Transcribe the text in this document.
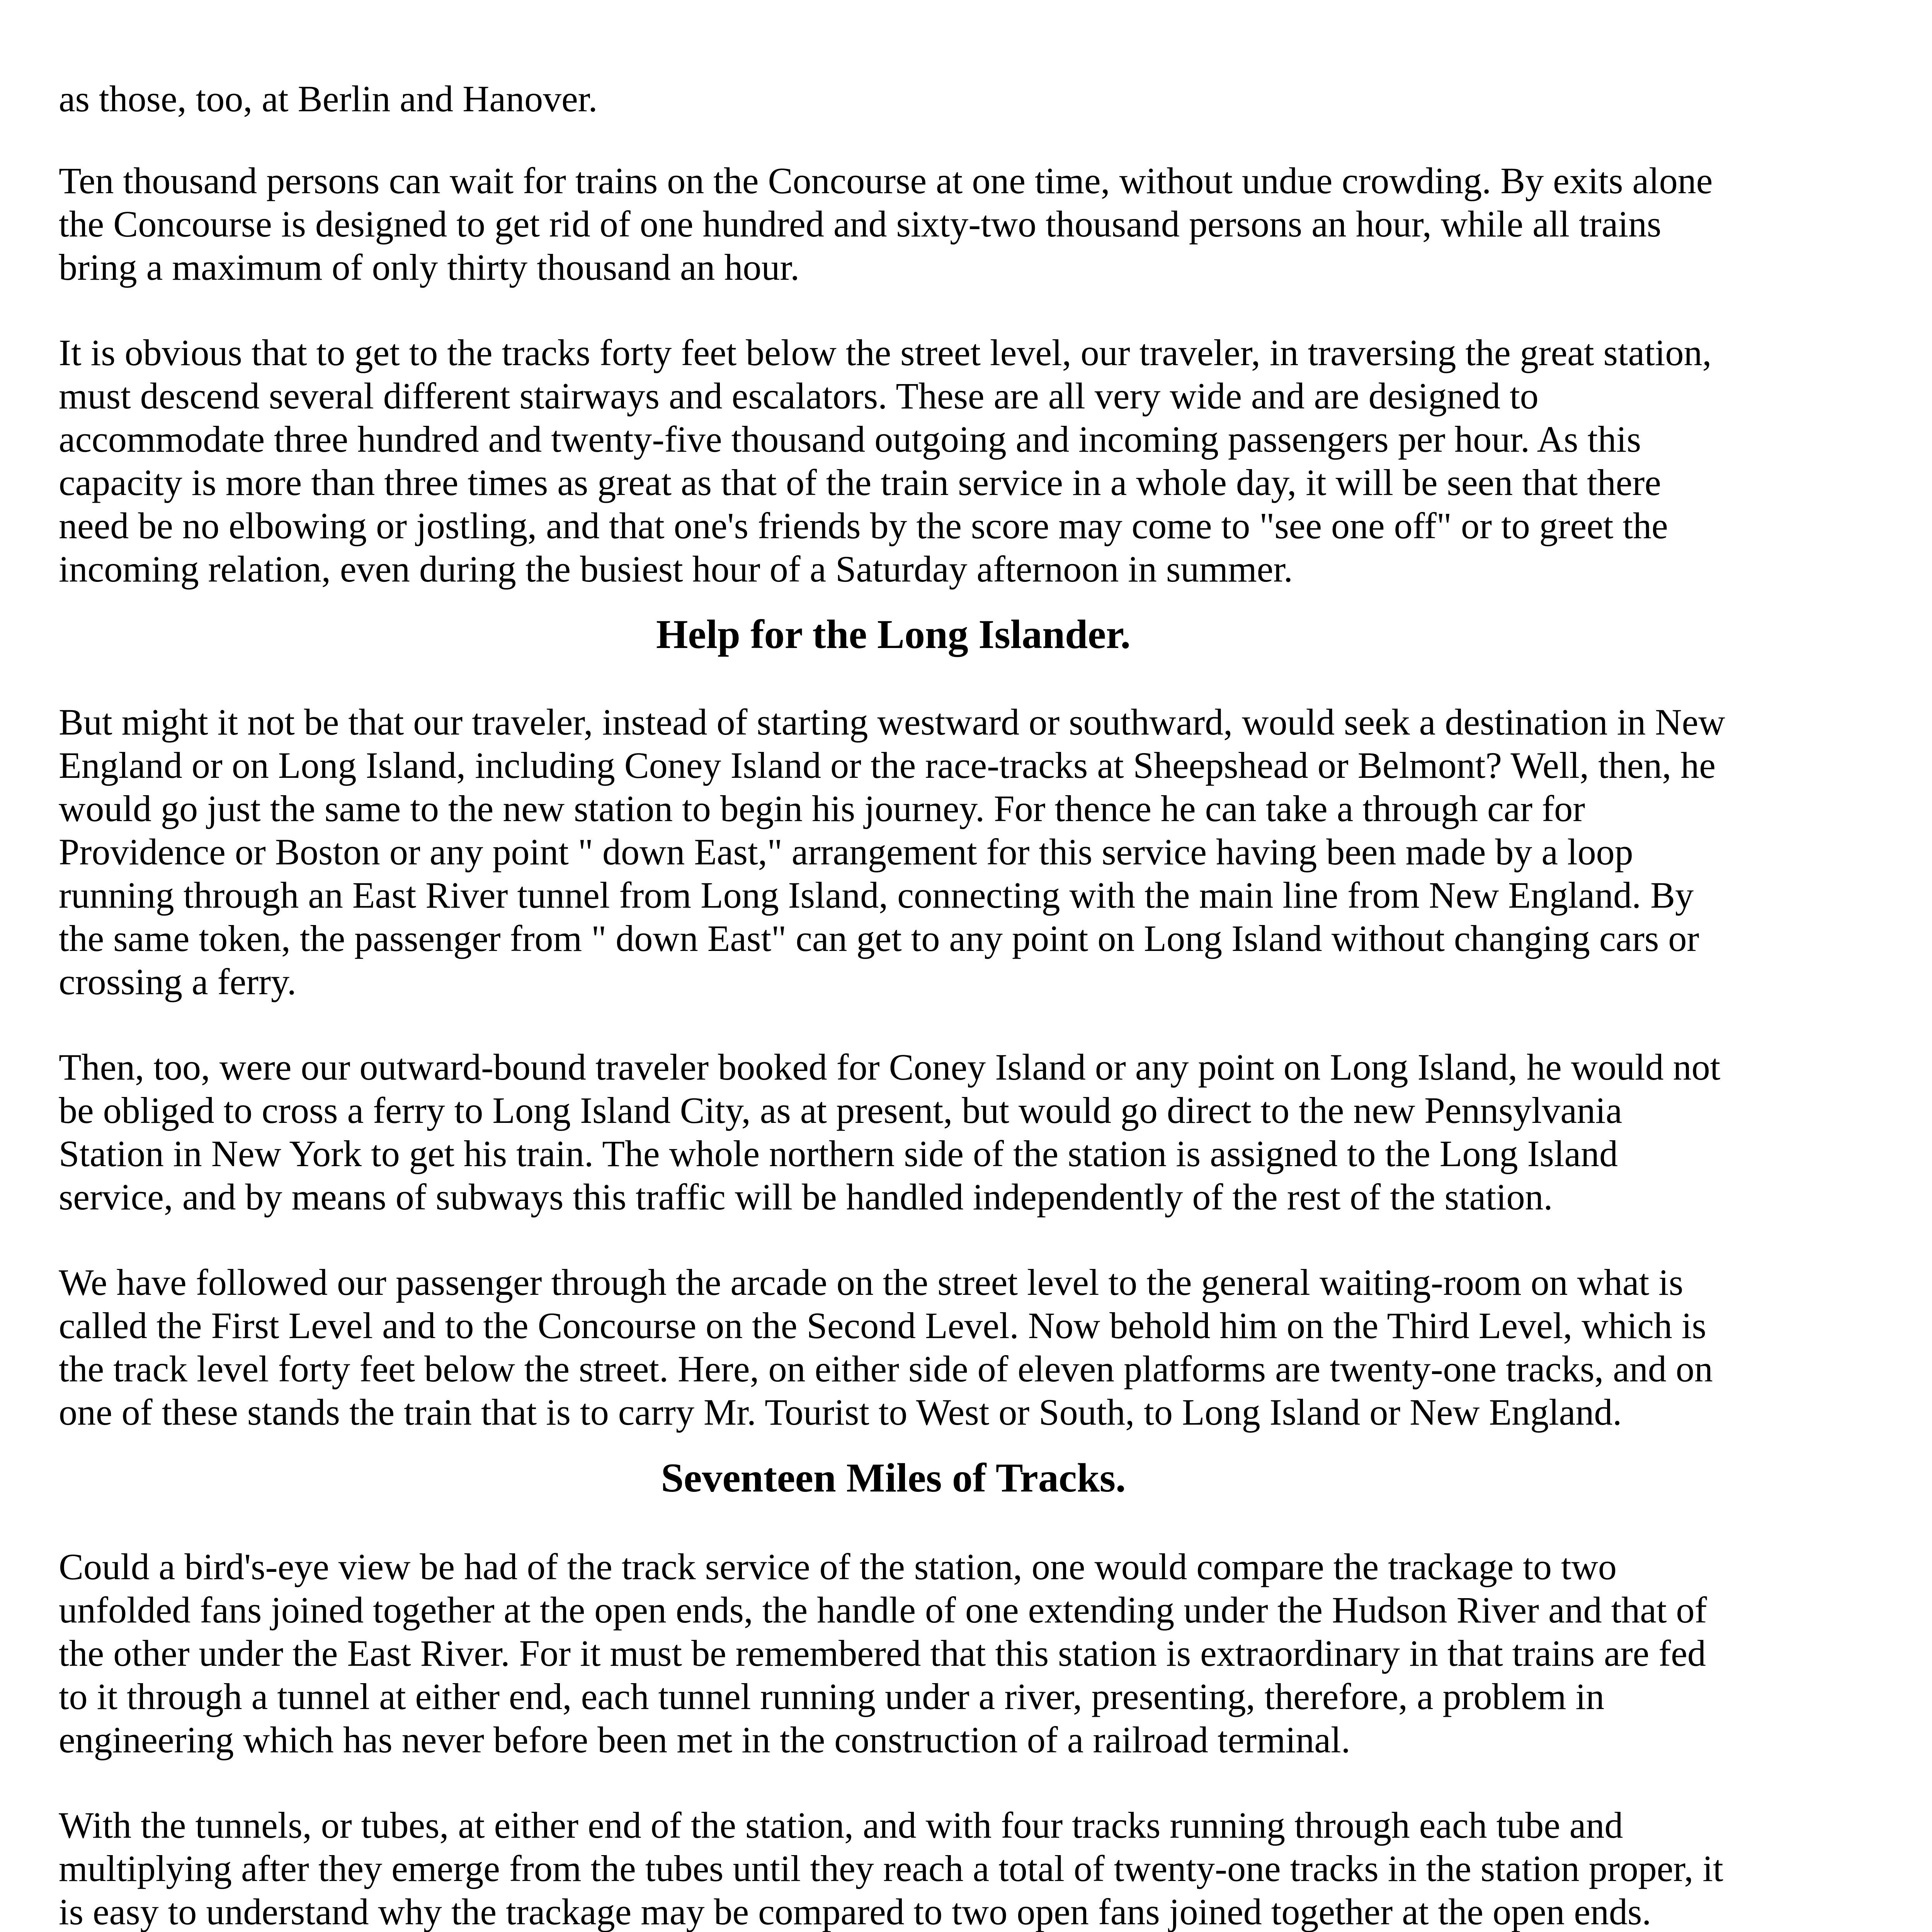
as those, too, at Berlin and Hanover.

Ten thousand persons can wait for trains on the Concourse at one time, without undue crowding. By exits alone the Concourse is designed to get rid of one hundred and sixty-two thousand persons an hour, while all trains bring a maximum of only thirty thousand an hour.

It is obvious that to get to the tracks forty feet below the street level, our traveler, in traversing the great station, must descend several different stairways and escalators. These are all very wide and are designed to accommodate three hundred and twenty-five thousand outgoing and incoming passengers per hour. As this capacity is more than three times as great as that of the train service in a whole day, it will be seen that there need be no elbowing or jostling, and that one's friends by the score may come to "see one off" or to greet the incoming relation, even during the busiest hour of a Saturday afternoon in summer.

Help for the Long Islander.

But might it not be that our traveler, instead of starting westward or southward, would seek a destination in New England or on Long Island, including Coney Island or the race-tracks at Sheepshead or Belmont? Well, then, he would go just the same to the new station to begin his journey. For thence he can take a through car for Providence or Boston or any point " down East," arrangement for this service having been made by a loop running through an East River tunnel from Long Island, connecting with the main line from New England. By the same token, the passenger from " down East" can get to any point on Long Island without changing cars or crossing a ferry.

Then, too, were our outward-bound traveler booked for Coney Island or any point on Long Island, he would not be obliged to cross a ferry to Long Island City, as at present, but would go direct to the new Pennsylvania Station in New York to get his train. The whole northern side of the station is assigned to the Long Island service, and by means of subways this traffic will be handled independently of the rest of the station.

We have followed our passenger through the arcade on the street level to the general waiting-room on what is called the First Level and to the Concourse on the Second Level. Now behold him on the Third Level, which is the track level forty feet below the street. Here, on either side of eleven platforms are twenty-one tracks, and on one of these stands the train that is to carry Mr. Tourist to West or South, to Long Island or New England.

Seventeen Miles of Tracks.

Could a bird's-eye view be had of the track service of the station, one would compare the trackage to two unfolded fans joined together at the open ends, the handle of one extending under the Hudson River and that of the other under the East River. For it must be remembered that this station is extraordinary in that trains are fed to it through a tunnel at either end, each tunnel running under a river, presenting, therefore, a problem in engineering which has never before been met in the construction of a railroad terminal.

With the tunnels, or tubes, at either end of the station, and with four tracks running through each tube and multiplying after they emerge from the tubes until they reach a total of twenty-one tracks in the station proper, it is easy to understand why the trackage may be compared to two open fans joined together at the open ends.
